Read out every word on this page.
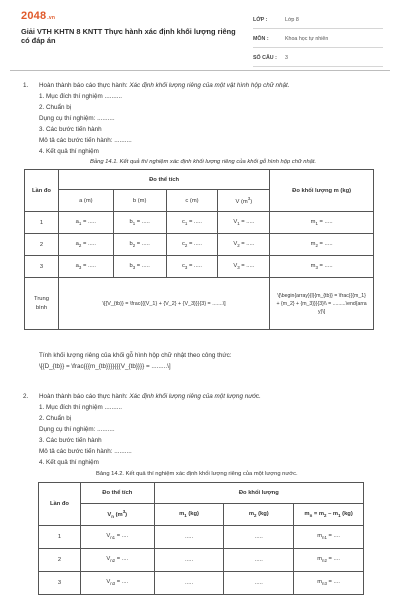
2048.vn
Giải VTH KHTN 8 KNTT Thực hành xác định khối lượng riêng có đáp án
LỚP :	Lớp 8
MÔN :	Khoa học tự nhiên
SỐ CÂU : 3
1. Hoàn thành báo cáo thực hành: Xác định khối lượng riêng của một vật hình hộp chữ nhật.
1. Mục đích thí nghiệm ..........
2. Chuẩn bị
Dụng cụ thí nghiệm: ..........
3. Các bước tiến hành
Mô tả các bước tiến hành: ..........
4. Kết quả thí nghiệm
Bảng 14.1. Kết quả thí nghiệm xác định khối lượng riêng của khối gỗ hình hộp chữ nhật.
Lần đo	Đo thể tích				Đo khối lượng m (kg)
	a (m)	b (m)	c (m)	V $(m^3)$	
1	$a_1$ = .....	$b_1$ = .....	$c_1$ = .....	$V_1$ = .....	$m_1$ = .....
2	$a_2$ = .....	$b_2$ = .....	$c_2$ = .....	$V_2$ = .....	$m_2$ = .....
3	$a_3$ = .....	$b_3$ = .....	$c_3$ = .....	$V_3$ = .....	$m_3$ = .....
Trung bình	\[{V_{tb}} = \frac{{{V_1} + {V_2} + {V_3}}}{3} = .......\]				\[\begin{array}{l}{m_{tb}} = \frac{{{m_1} + {m_2} + {m_3}}}{3}\\ = .........\end{array}\]
Tính khối lượng riêng của khối gỗ hình hộp chữ nhật theo công thức:
\[{D_{tb}} = \frac{{{m_{tb}}}}{{{V_{tb}}}} = .........\]
2. Hoàn thành báo cáo thực hành: Xác định khối lượng riêng của một lượng nước.
1. Mục đích thí nghiệm ..........
2. Chuẩn bị
Dụng cụ thí nghiệm: ..........
3. Các bước tiến hành
Mô tả các bước tiến hành: ..........
4. Kết quả thí nghiệm
Bảng 14.2. Kết quả thí nghiệm xác định khối lượng riêng của một lượng nước.
Lần đo	Đo thể tích	Đo khối lượng		
	$V_n$ $(m^3)$	$m_1$ (kg)	$m_2$ (kg)	$m_n = m_2 - m_1$ (kg)
1	$V_{n1}$ = ....	.....	.....	$m_{n1}$ = ....
2	$V_{n2}$ = ....	.....	.....	$m_{n2}$ = ....
3	$V_{n3}$ = ....	.....	.....	$m_{n3}$ = ....
